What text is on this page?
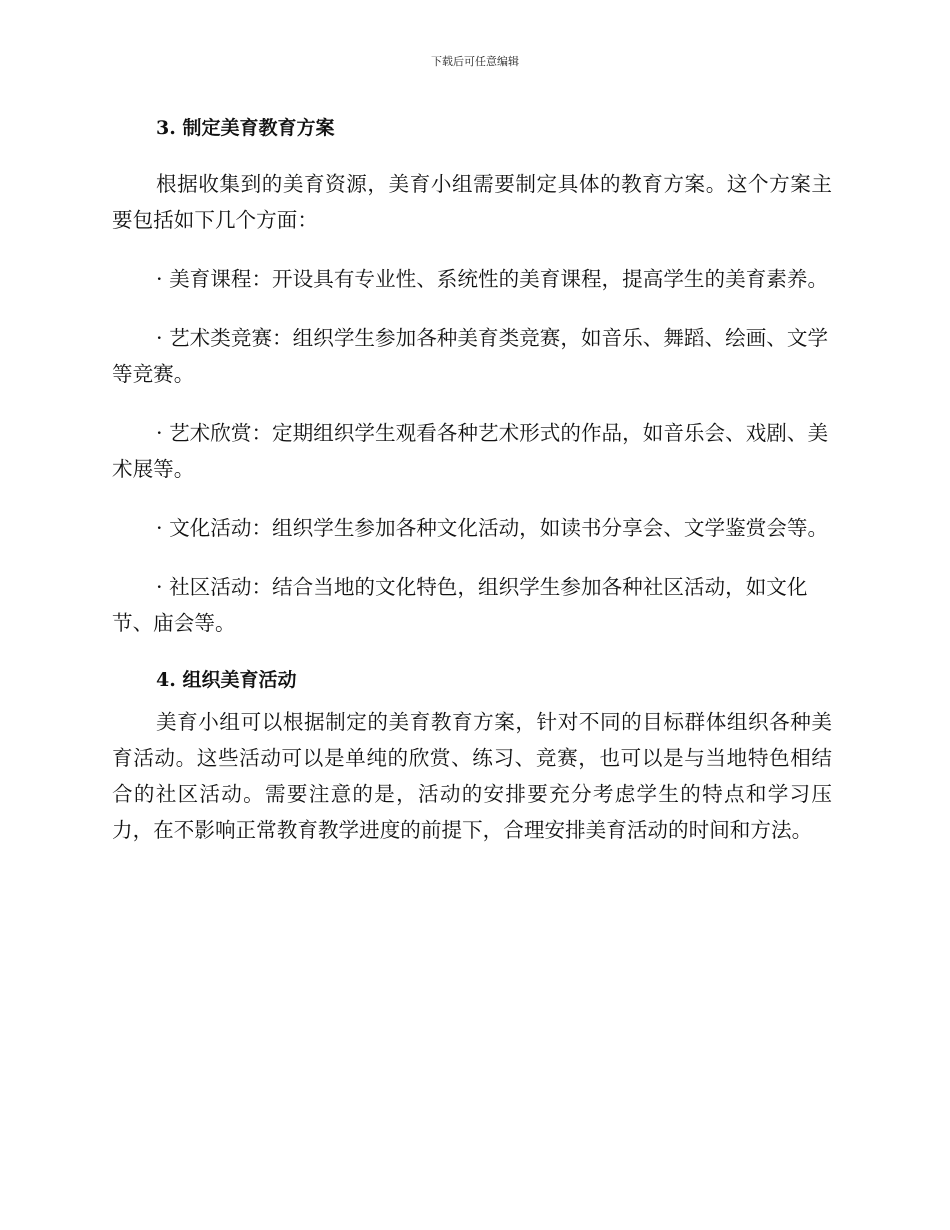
下载后可任意编辑
3. 制定美育教育方案

根据收集到的美育资源，美育小组需要制定具体的教育方案。这个方案主要包括如下几个方面：

· 美育课程：开设具有专业性、系统性的美育课程，提高学生的美育素养。

· 艺术类竞赛：组织学生参加各种美育类竞赛，如音乐、舞蹈、绘画、文学等竞赛。

· 艺术欣赏：定期组织学生观看各种艺术形式的作品，如音乐会、戏剧、美术展等。

· 文化活动：组织学生参加各种文化活动，如读书分享会、文学鉴赏会等。

· 社区活动：结合当地的文化特色，组织学生参加各种社区活动，如文化节、庙会等。

4. 组织美育活动

美育小组可以根据制定的美育教育方案，针对不同的目标群体组织各种美育活动。这些活动可以是单纯的欣赏、练习、竞赛，也可以是与当地特色相结合的社区活动。需要注意的是，活动的安排要充分考虑学生的特点和学习压力，在不影响正常教育教学进度的前提下，合理安排美育活动的时间和方法。
